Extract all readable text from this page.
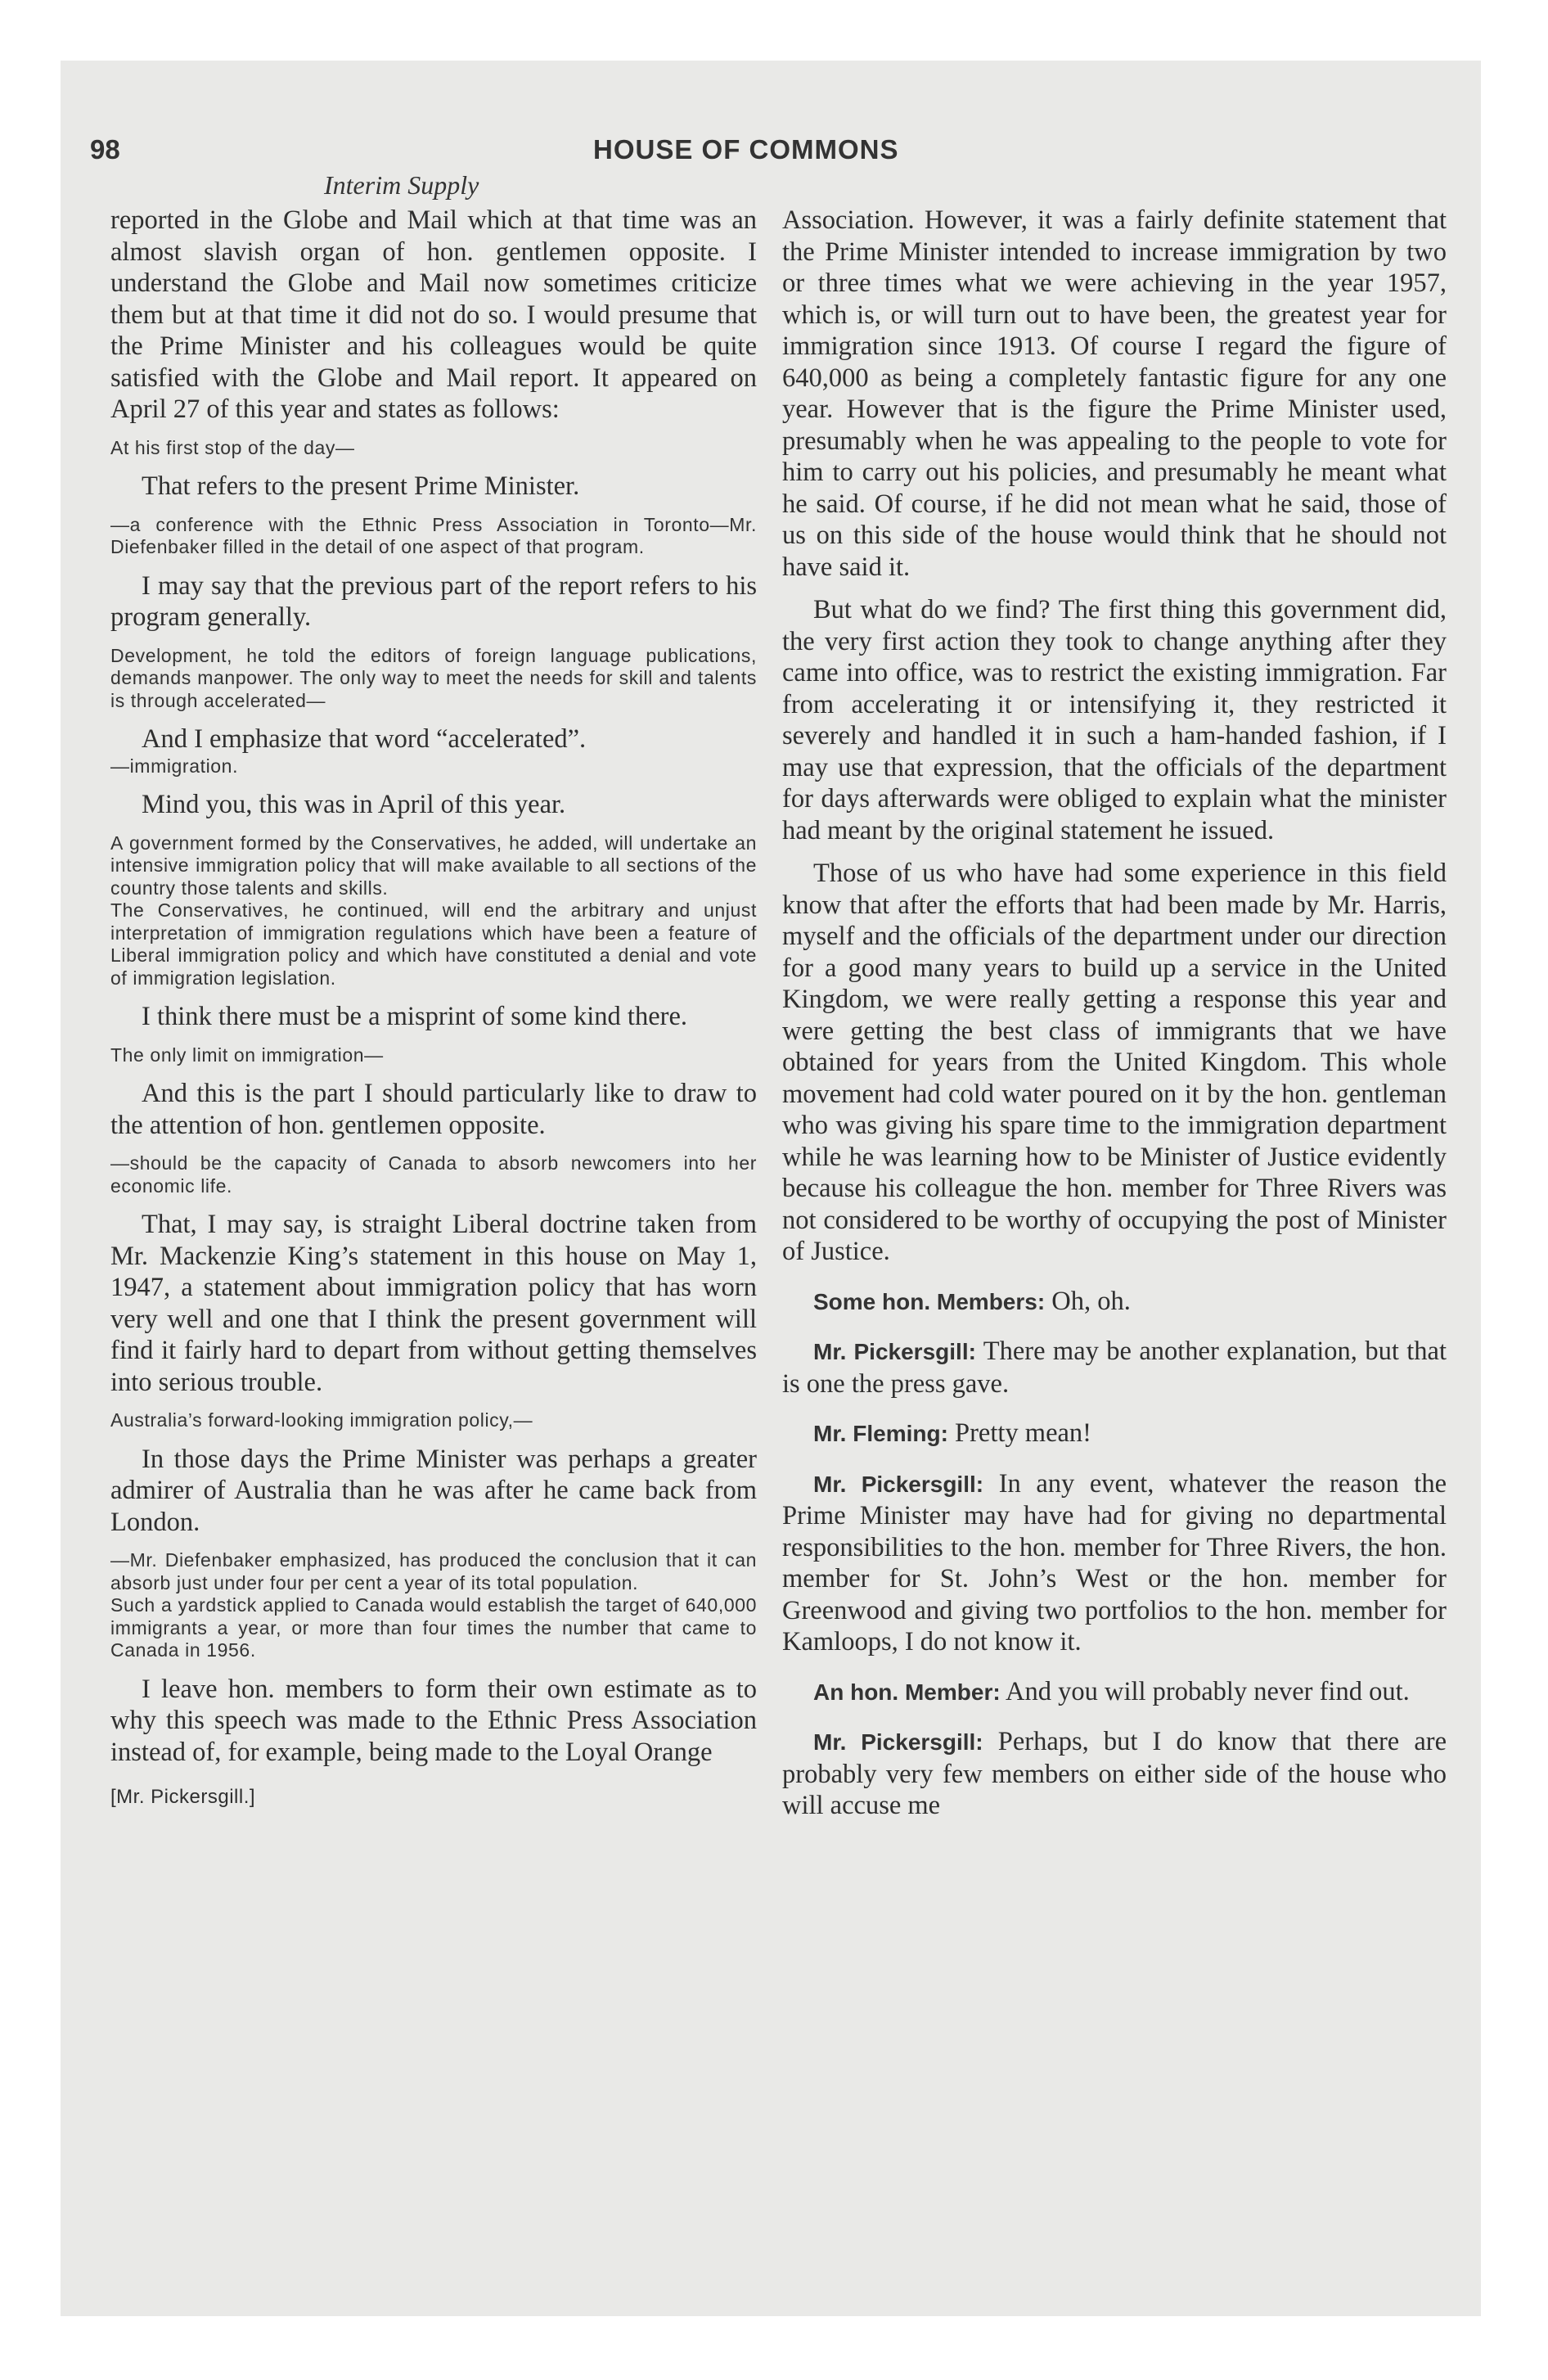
98	HOUSE OF COMMONS
Interim Supply

reported in the Globe and Mail which at that time was an almost slavish organ of hon. gentlemen opposite. I understand the Globe and Mail now sometimes criticize them but at that time it did not do so. I would presume that the Prime Minister and his colleagues would be quite satisfied with the Globe and Mail report. It appeared on April 27 of this year and states as follows:

At his first stop of the day—

That refers to the present Prime Minister.

—a conference with the Ethnic Press Association in Toronto—Mr. Diefenbaker filled in the detail of one aspect of that program.

I may say that the previous part of the report refers to his program generally.

Development, he told the editors of foreign language publications, demands manpower. The only way to meet the needs for skill and talents is through accelerated—

And I emphasize that word “accelerated”.

—immigration.

Mind you, this was in April of this year.

A government formed by the Conservatives, he added, will undertake an intensive immigration policy that will make available to all sections of the country those talents and skills.

The Conservatives, he continued, will end the arbitrary and unjust interpretation of immigration regulations which have been a feature of Liberal immigration policy and which have constituted a denial and vote of immigration legislation.

I think there must be a misprint of some kind there.

The only limit on immigration—

And this is the part I should particularly like to draw to the attention of hon. gentlemen opposite.

—should be the capacity of Canada to absorb newcomers into her economic life.

That, I may say, is straight Liberal doctrine taken from Mr. Mackenzie King’s statement in this house on May 1, 1947, a statement about immigration policy that has worn very well and one that I think the present government will find it fairly hard to depart from without getting themselves into serious trouble.

Australia’s forward-looking immigration policy,—

In those days the Prime Minister was perhaps a greater admirer of Australia than he was after he came back from London.

—Mr. Diefenbaker emphasized, has produced the conclusion that it can absorb just under four per cent a year of its total population.

Such a yardstick applied to Canada would establish the target of 640,000 immigrants a year, or more than four times the number that came to Canada in 1956.

I leave hon. members to form their own estimate as to why this speech was made to the Ethnic Press Association instead of, for example, being made to the Loyal Orange

[Mr. Pickersgill.]

Association. However, it was a fairly definite statement that the Prime Minister intended to increase immigration by two or three times what we were achieving in the year 1957, which is, or will turn out to have been, the greatest year for immigration since 1913. Of course I regard the figure of 640,000 as being a completely fantastic figure for any one year. However that is the figure the Prime Minister used, presumably when he was appealing to the people to vote for him to carry out his policies, and presumably he meant what he said. Of course, if he did not mean what he said, those of us on this side of the house would think that he should not have said it.

But what do we find? The first thing this government did, the very first action they took to change anything after they came into office, was to restrict the existing immigration. Far from accelerating it or intensifying it, they restricted it severely and handled it in such a ham-handed fashion, if I may use that expression, that the officials of the department for days afterwards were obliged to explain what the minister had meant by the original statement he issued.

Those of us who have had some experience in this field know that after the efforts that had been made by Mr. Harris, myself and the officials of the department under our direction for a good many years to build up a service in the United Kingdom, we were really getting a response this year and were getting the best class of immigrants that we have obtained for years from the United Kingdom. This whole movement had cold water poured on it by the hon. gentleman who was giving his spare time to the immigration department while he was learning how to be Minister of Justice evidently because his colleague the hon. member for Three Rivers was not considered to be worthy of occupying the post of Minister of Justice.

Some hon. Members: Oh, oh.

Mr. Pickersgill: There may be another explanation, but that is one the press gave.

Mr. Fleming: Pretty mean!

Mr. Pickersgill: In any event, whatever the reason the Prime Minister may have had for giving no departmental responsibilities to the hon. member for Three Rivers, the hon. member for St. John’s West or the hon. member for Greenwood and giving two portfolios to the hon. member for Kamloops, I do not know it.

An hon. Member: And you will probably never find out.

Mr. Pickersgill: Perhaps, but I do know that there are probably very few members on either side of the house who will accuse me
